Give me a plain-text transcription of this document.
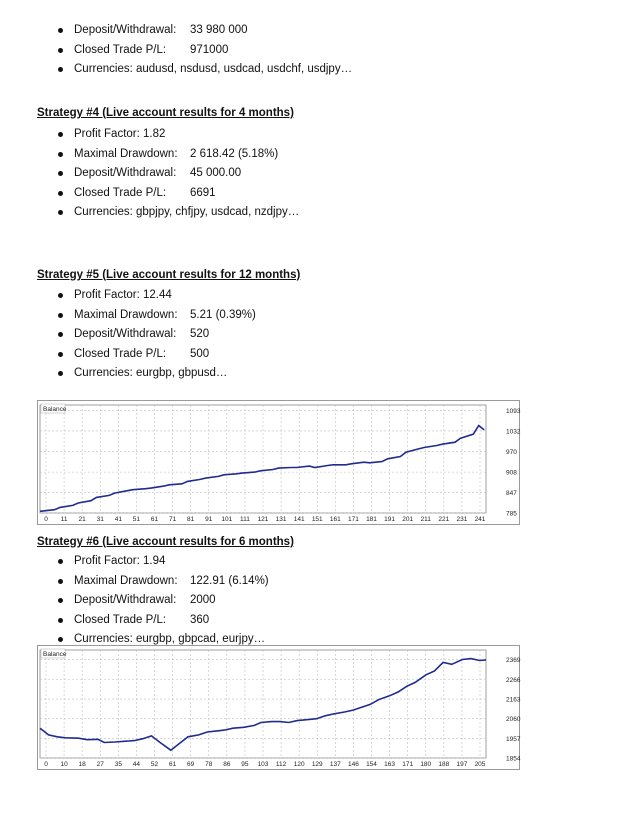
Deposit/Withdrawal: 33 980 000
Closed Trade P/L: 971000
Currencies: audusd, nsdusd, usdcad, usdchf, usdjpy…

Strategy #4 (Live account results for 4 months)

Profit Factor: 1.82
Maximal Drawdown: 2 618.42 (5.18%)
Deposit/Withdrawal: 45 000.00
Closed Trade P/L: 6691
Currencies: gbpjpy, chfjpy, usdcad, nzdjpy…

Strategy #5 (Live account results for 12 months)

Profit Factor: 12.44
Maximal Drawdown: 5.21 (0.39%)
Deposit/Withdrawal: 520
Closed Trade P/L: 500
Currencies: eurgbp, gbpusd…
1093
1032
970
908
847
785
0 11 21 31 41 51 61 71 81 91 101 111 121 131 141 151 161 171 181 191 201 211 221 231 241
Balance

Strategy #6 (Live account results for 6 months)

Profit Factor: 1.94
Maximal Drawdown: 122.91 (6.14%)
Deposit/Withdrawal: 2000
Closed Trade P/L: 360
Currencies: eurgbp, gbpcad, eurjpy…
2369
2266
2163
2060
1957
1854
0 10 18 27 35 44 52 61 69 78 86 95 103 112 120 129 137 146 154 163 171 180 188 197 205
Balance
